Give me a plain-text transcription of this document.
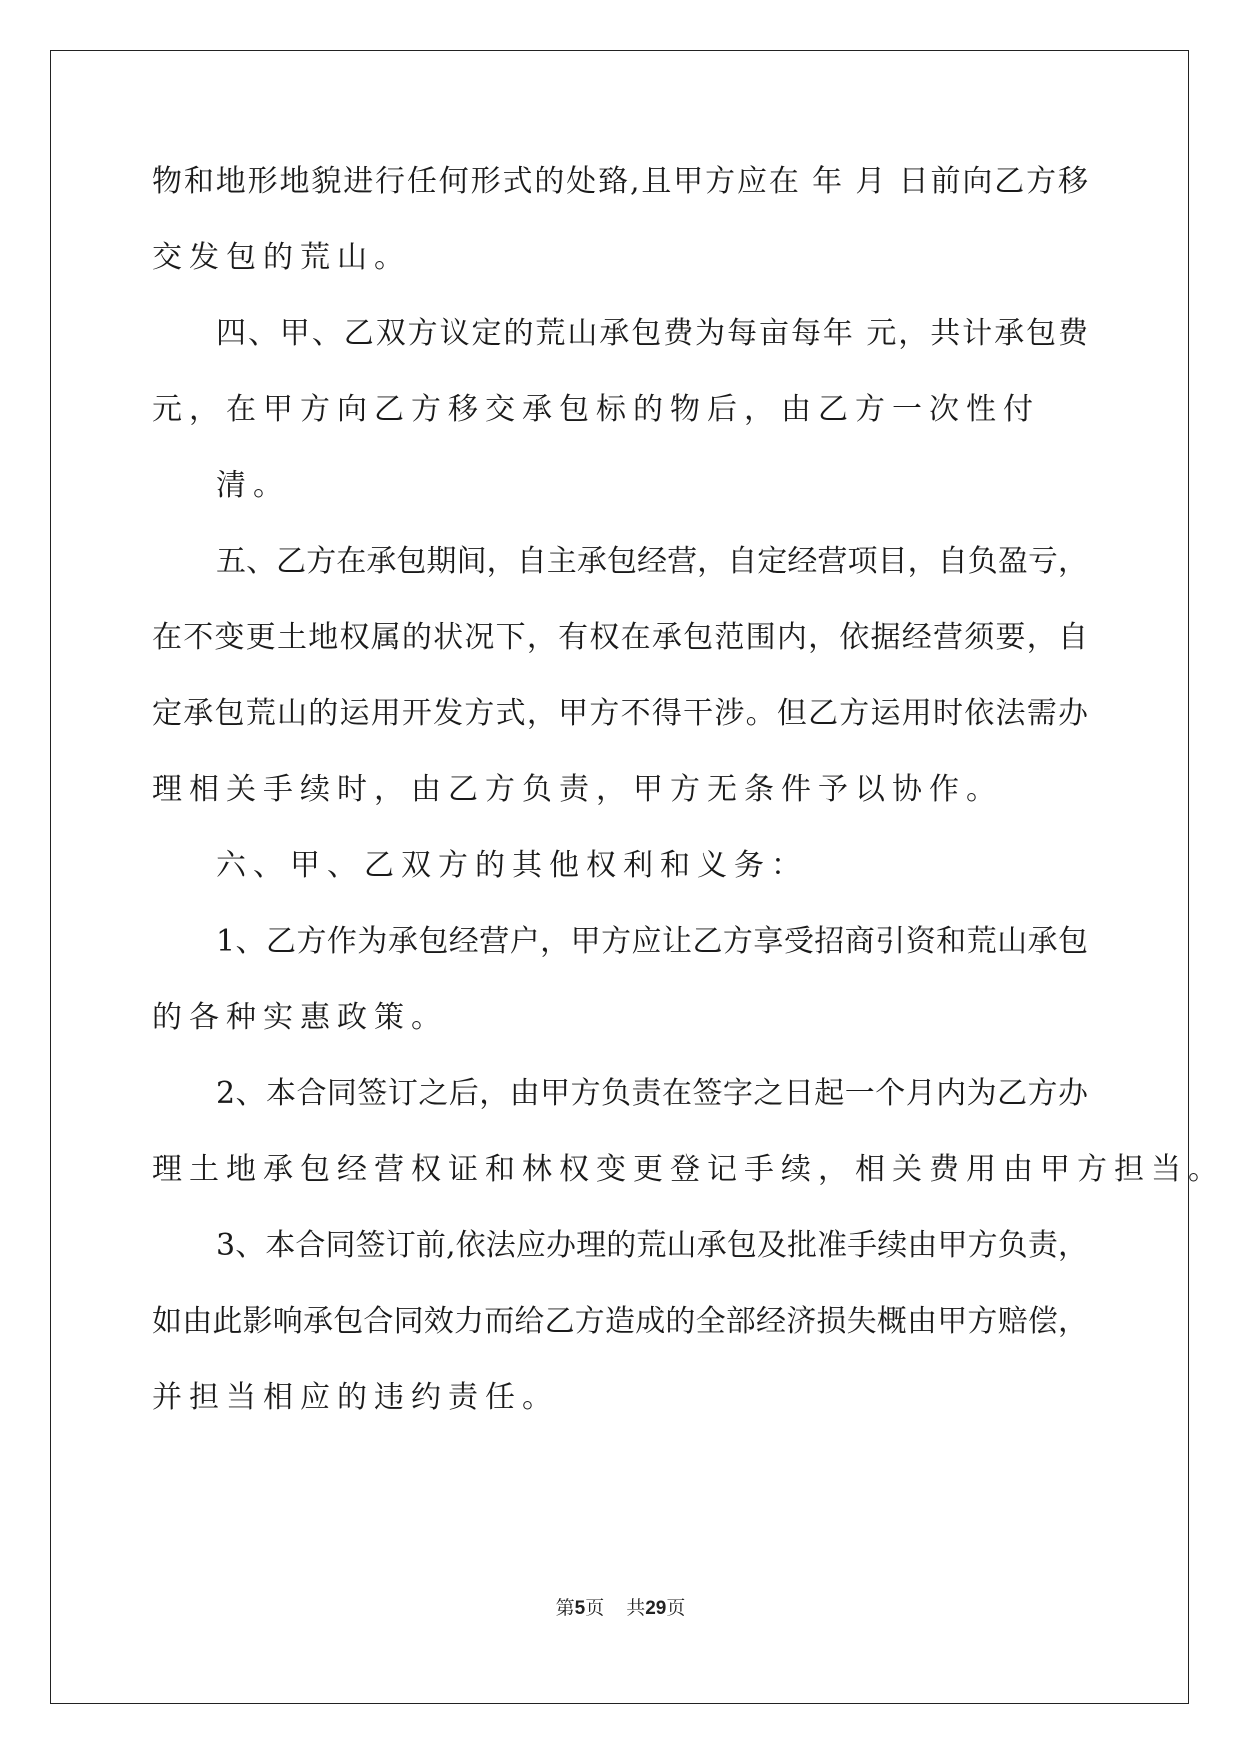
物和地形地貌进行任何形式的处臵,且甲方应在 年 月 日前向乙方移
交发包的荒山。
四、甲、乙双方议定的荒山承包费为每亩每年 元，共计承包费
元，在甲方向乙方移交承包标的物后，由乙方一次性付
清。
五、乙方在承包期间，自主承包经营，自定经营项目，自负盈亏，
在不变更土地权属的状况下，有权在承包范围内，依据经营须要，自
定承包荒山的运用开发方式，甲方不得干涉。但乙方运用时依法需办
理相关手续时，由乙方负责，甲方无条件予以协作。
六、甲、乙双方的其他权利和义务：
1、乙方作为承包经营户，甲方应让乙方享受招商引资和荒山承包
的各种实惠政策。
2、本合同签订之后，由甲方负责在签字之日起一个月内为乙方办
理土地承包经营权证和林权变更登记手续，相关费用由甲方担当。
3、本合同签订前,依法应办理的荒山承包及批准手续由甲方负责，
如由此影响承包合同效力而给乙方造成的全部经济损失概由甲方赔偿，
并担当相应的违约责任。
第5页 共29页
